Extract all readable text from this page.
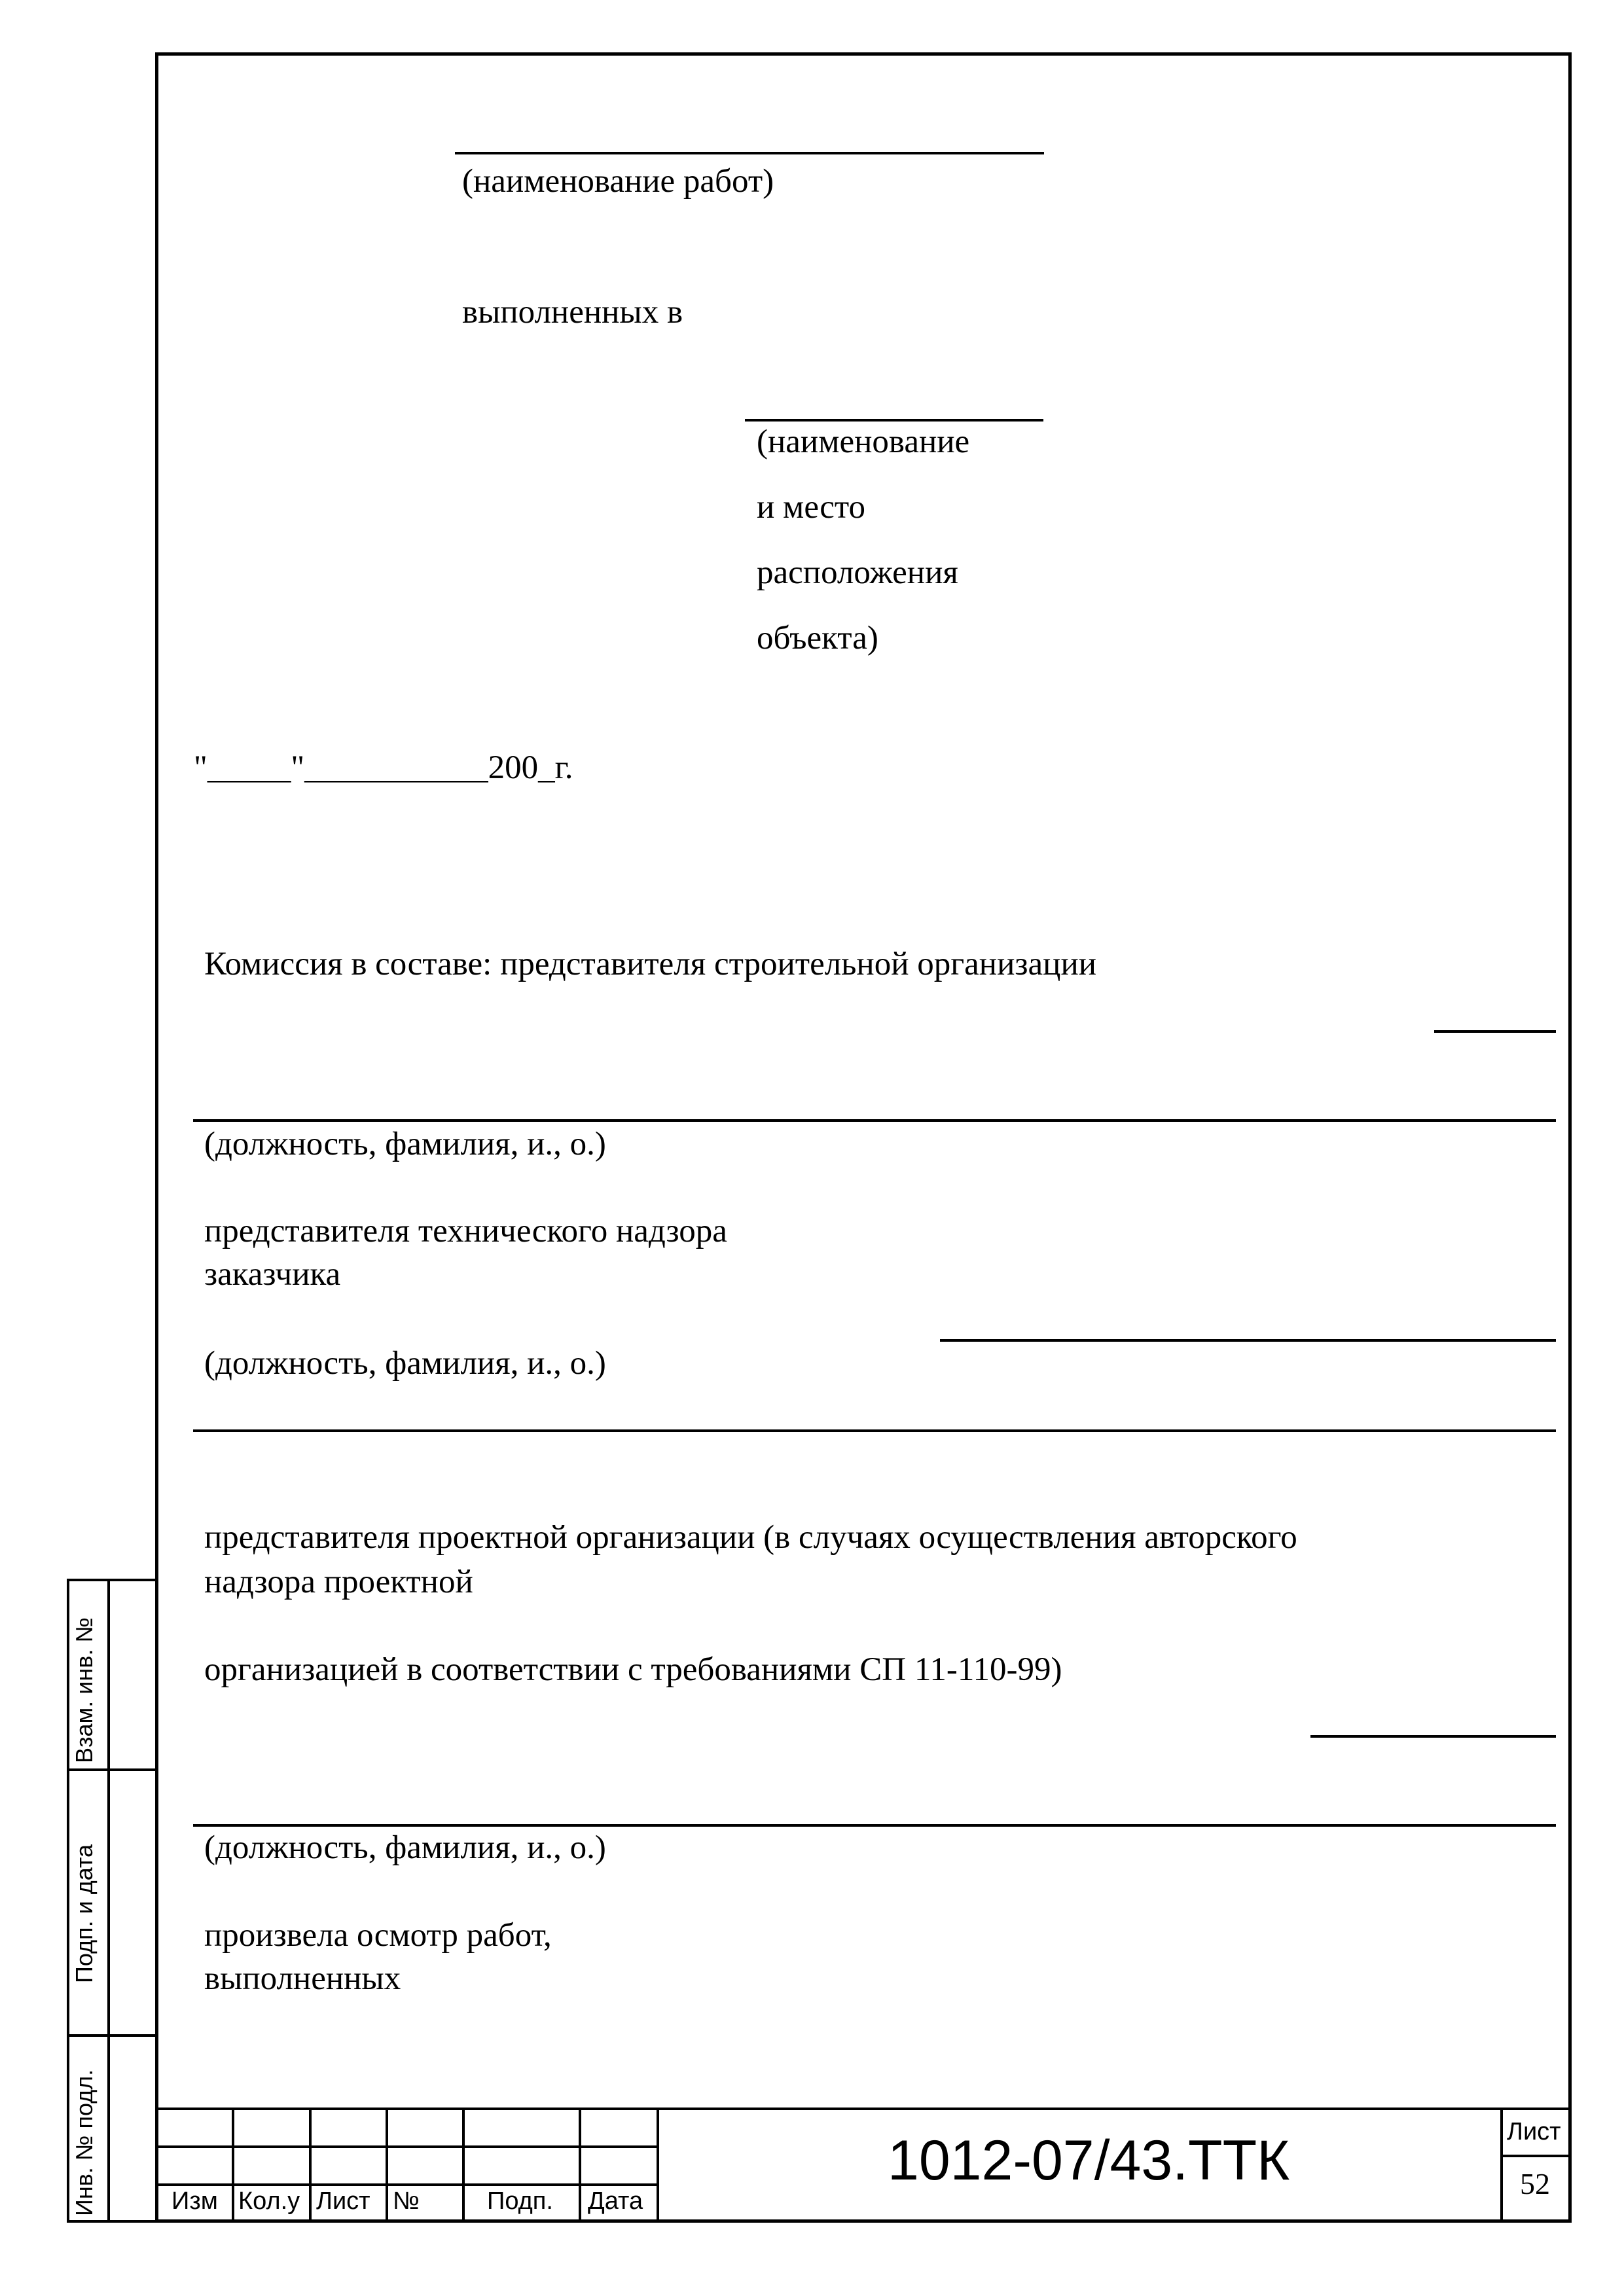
(наименование работ)
выполненных в
(наименование
и место
расположения
объекта)
"_____"___________200_г.
Комиссия в составе: представителя строительной организации
(должность, фамилия, и., о.)
представителя технического надзора
заказчика
(должность, фамилия, и., о.)
представителя проектной организации (в случаях осуществления авторского
надзора проектной
организацией в соответствии с требованиями СП 11-110-99)
(должность, фамилия, и., о.)
произвела осмотр работ,
выполненных
Взам. инв. №
Подп. и дата
Инв. № подл.	Изм Кол.у Лист №	Подп. Дата
1012-07/43.ТТК	Лист
52
